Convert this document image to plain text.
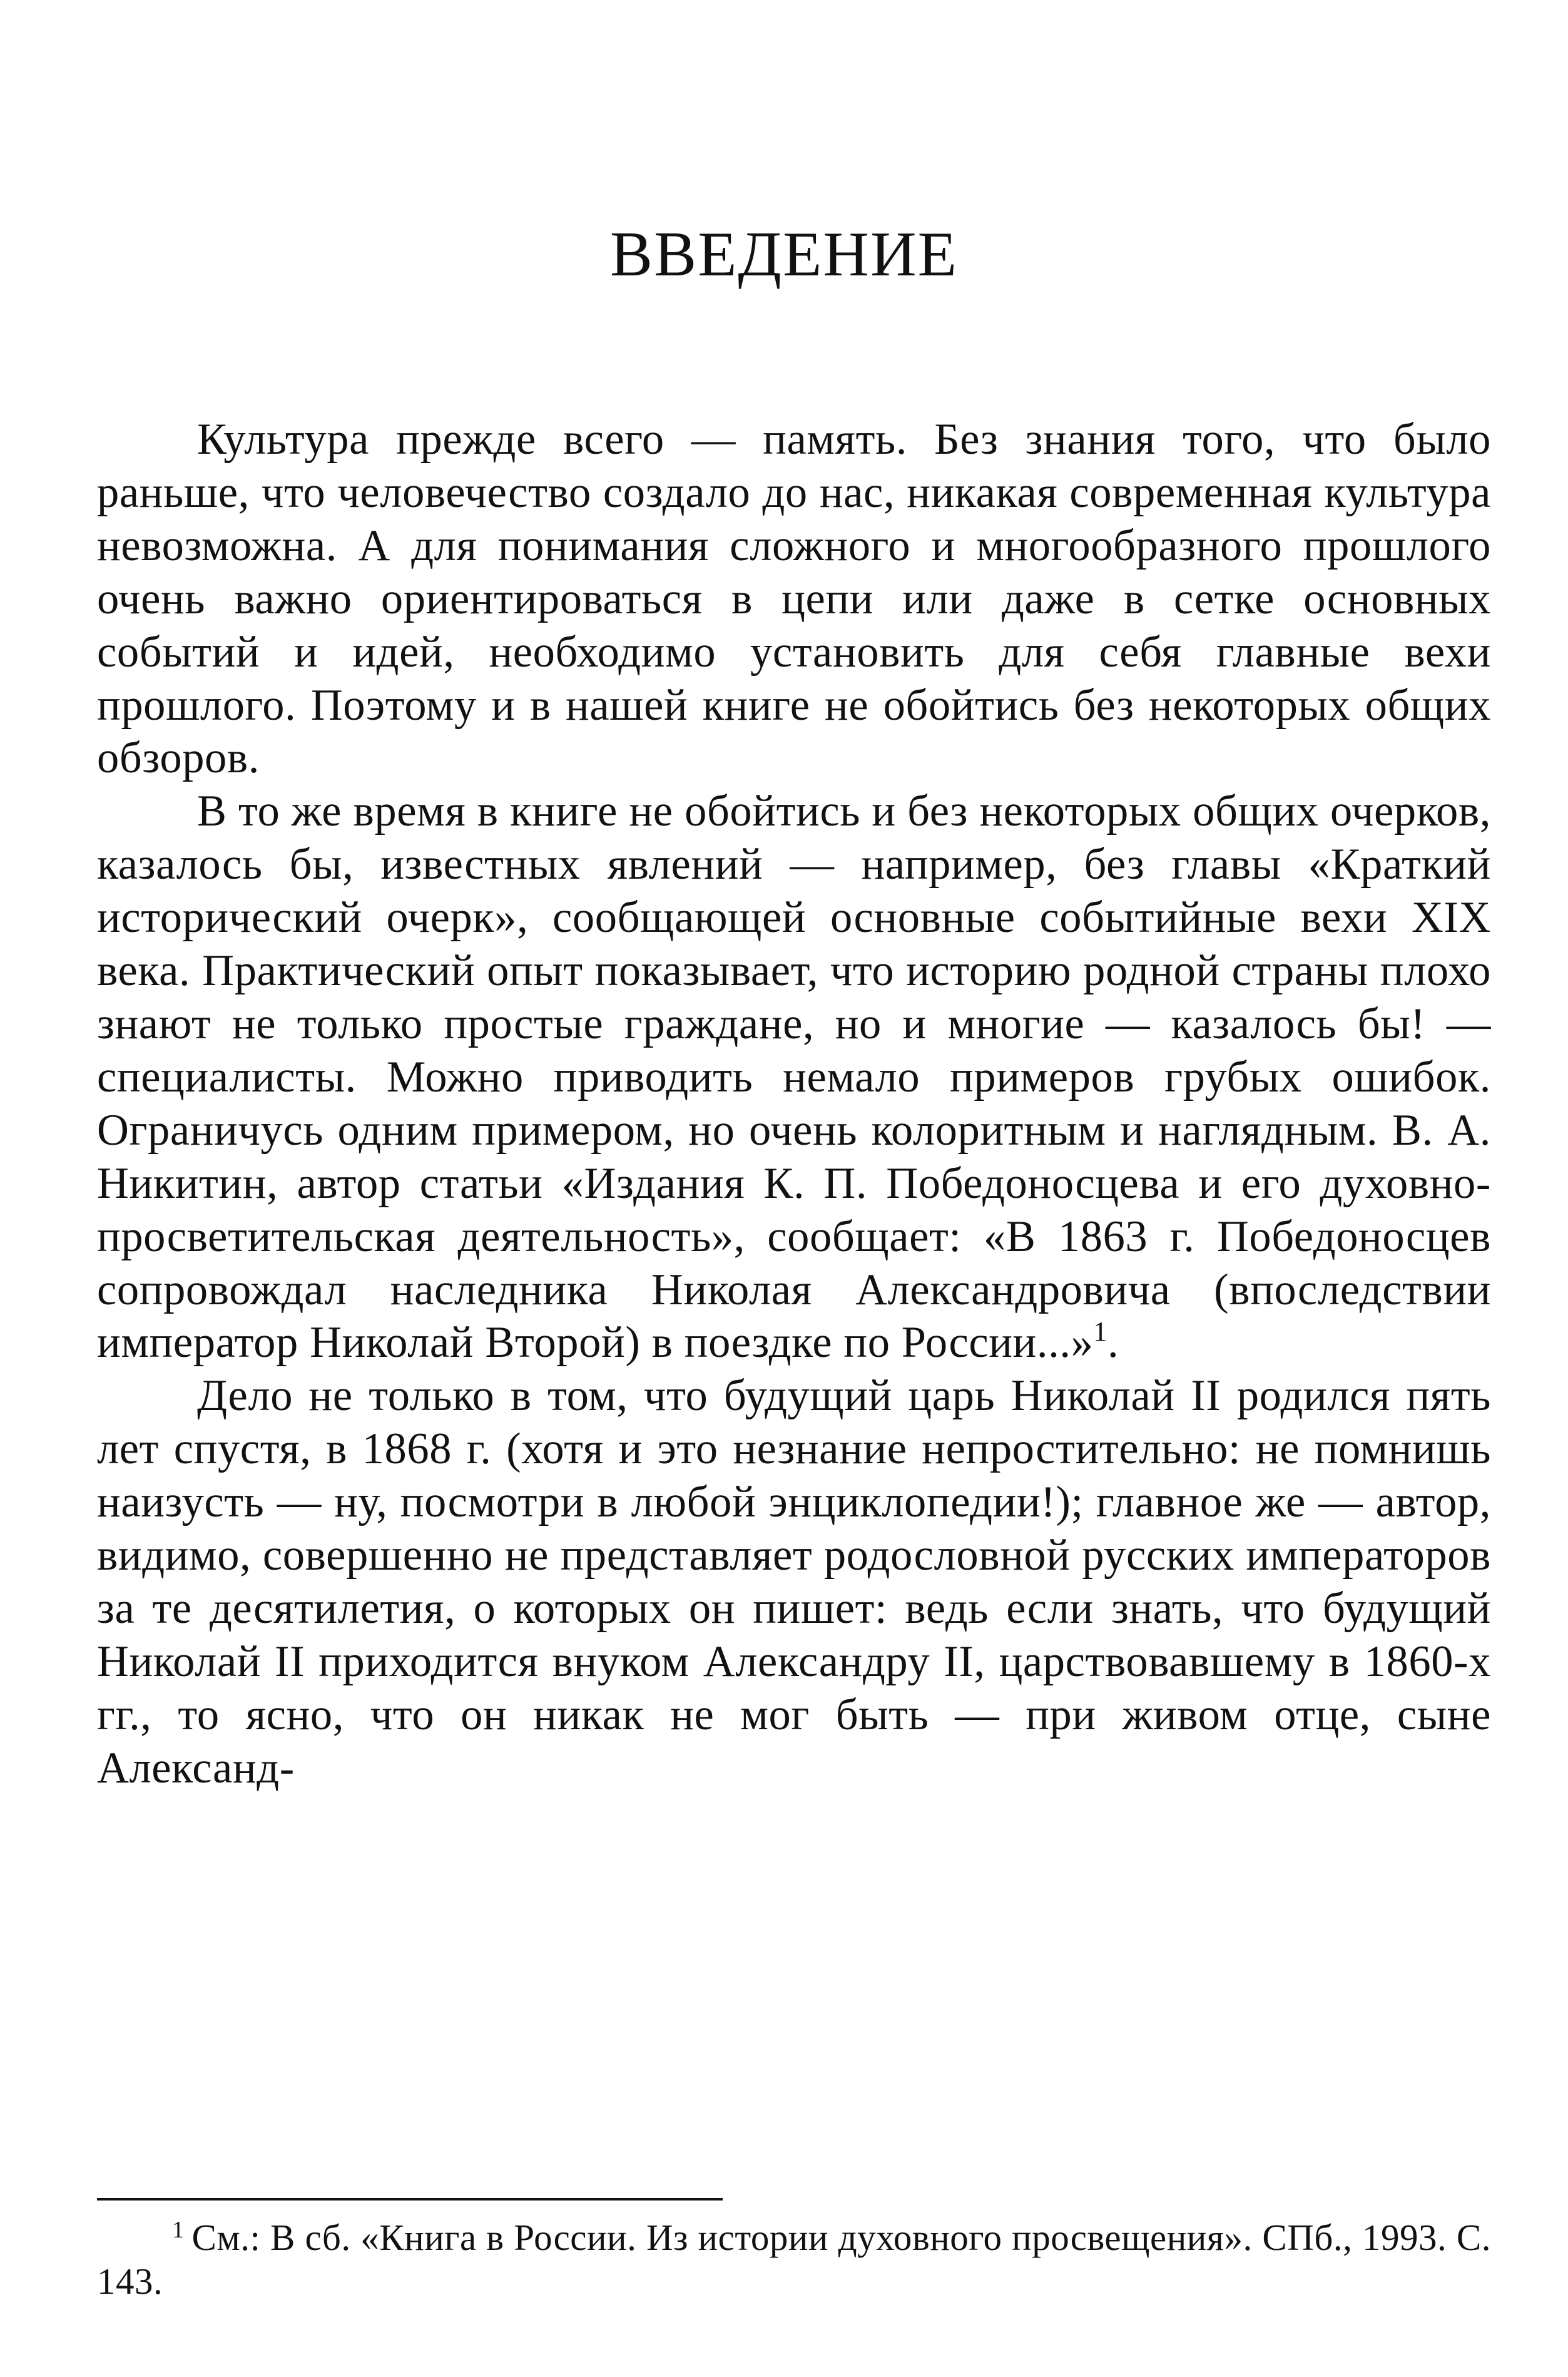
ВВЕДЕНИЕ

Культура прежде всего — память. Без знания того, что было раньше, что человечество создало до нас, никакая современная культура невозможна. А для понимания сложного и многообразного прошлого очень важно ориентироваться в цепи или даже в сетке основных событий и идей, необходимо установить для себя главные вехи прошлого. Поэтому и в нашей книге не обойтись без некоторых общих обзоров.

В то же время в книге не обойтись и без некоторых общих очерков, казалось бы, известных явлений — например, без главы «Краткий исторический очерк», сообщающей основные событийные вехи XIX века. Практический опыт показывает, что историю родной страны плохо знают не только простые граждане, но и многие — казалось бы! — специалисты. Можно приводить немало примеров грубых ошибок. Ограничусь одним примером, но очень колоритным и наглядным. В. А. Никитин, автор статьи «Издания К. П. Победоносцева и его духовно-просветительская деятельность», сообщает: «В 1863 г. Победоносцев сопровождал наследника Николая Александровича (впоследствии император Николай Второй) в поездке по России...»$^1$.

Дело не только в том, что будущий царь Николай II родился пять лет спустя, в 1868 г. (хотя и это незнание непростительно: не помнишь наизусть — ну, посмотри в любой энциклопедии!); главное же — автор, видимо, совершенно не представляет родословной русских императоров за те десятилетия, о которых он пишет: ведь если знать, что будущий Николай II приходится внуком Александру II, царствовавшему в 1860-х гг., то ясно, что он никак не мог быть — при живом отце, сыне Александ-

$^1$ См.: В сб. «Книга в России. Из истории духовного просвещения». СПб., 1993. С. 143.
